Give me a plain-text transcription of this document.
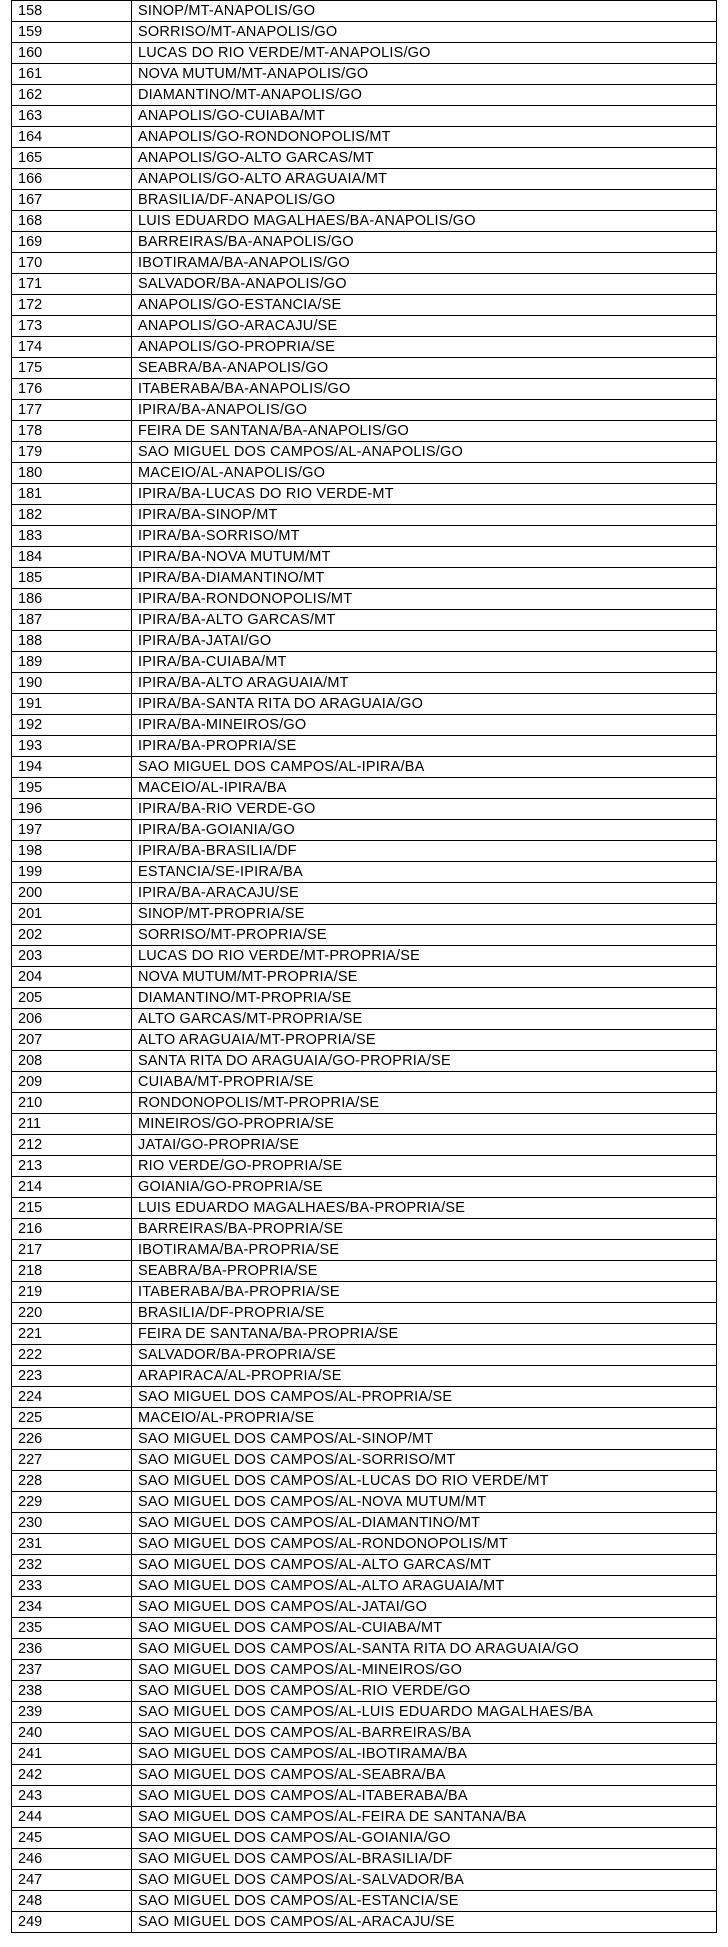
158	SINOP/MT-ANAPOLIS/GO
159	SORRISO/MT-ANAPOLIS/GO
160	LUCAS DO RIO VERDE/MT-ANAPOLIS/GO
161	NOVA MUTUM/MT-ANAPOLIS/GO
162	DIAMANTINO/MT-ANAPOLIS/GO
163	ANAPOLIS/GO-CUIABA/MT
164	ANAPOLIS/GO-RONDONOPOLIS/MT
165	ANAPOLIS/GO-ALTO GARCAS/MT
166	ANAPOLIS/GO-ALTO ARAGUAIA/MT
167	BRASILIA/DF-ANAPOLIS/GO
168	LUIS EDUARDO MAGALHAES/BA-ANAPOLIS/GO
169	BARREIRAS/BA-ANAPOLIS/GO
170	IBOTIRAMA/BA-ANAPOLIS/GO
171	SALVADOR/BA-ANAPOLIS/GO
172	ANAPOLIS/GO-ESTANCIA/SE
173	ANAPOLIS/GO-ARACAJU/SE
174	ANAPOLIS/GO-PROPRIA/SE
175	SEABRA/BA-ANAPOLIS/GO
176	ITABERABA/BA-ANAPOLIS/GO
177	IPIRA/BA-ANAPOLIS/GO
178	FEIRA DE SANTANA/BA-ANAPOLIS/GO
179	SAO MIGUEL DOS CAMPOS/AL-ANAPOLIS/GO
180	MACEIO/AL-ANAPOLIS/GO
181	IPIRA/BA-LUCAS DO RIO VERDE-MT
182	IPIRA/BA-SINOP/MT
183	IPIRA/BA-SORRISO/MT
184	IPIRA/BA-NOVA MUTUM/MT
185	IPIRA/BA-DIAMANTINO/MT
186	IPIRA/BA-RONDONOPOLIS/MT
187	IPIRA/BA-ALTO GARCAS/MT
188	IPIRA/BA-JATAI/GO
189	IPIRA/BA-CUIABA/MT
190	IPIRA/BA-ALTO ARAGUAIA/MT
191	IPIRA/BA-SANTA RITA DO ARAGUAIA/GO
192	IPIRA/BA-MINEIROS/GO
193	IPIRA/BA-PROPRIA/SE
194	SAO MIGUEL DOS CAMPOS/AL-IPIRA/BA
195	MACEIO/AL-IPIRA/BA
196	IPIRA/BA-RIO VERDE-GO
197	IPIRA/BA-GOIANIA/GO
198	IPIRA/BA-BRASILIA/DF
199	ESTANCIA/SE-IPIRA/BA
200	IPIRA/BA-ARACAJU/SE
201	SINOP/MT-PROPRIA/SE
202	SORRISO/MT-PROPRIA/SE
203	LUCAS DO RIO VERDE/MT-PROPRIA/SE
204	NOVA MUTUM/MT-PROPRIA/SE
205	DIAMANTINO/MT-PROPRIA/SE
206	ALTO GARCAS/MT-PROPRIA/SE
207	ALTO ARAGUAIA/MT-PROPRIA/SE
208	SANTA RITA DO ARAGUAIA/GO-PROPRIA/SE
209	CUIABA/MT-PROPRIA/SE
210	RONDONOPOLIS/MT-PROPRIA/SE
211	MINEIROS/GO-PROPRIA/SE
212	JATAI/GO-PROPRIA/SE
213	RIO VERDE/GO-PROPRIA/SE
214	GOIANIA/GO-PROPRIA/SE
215	LUIS EDUARDO MAGALHAES/BA-PROPRIA/SE
216	BARREIRAS/BA-PROPRIA/SE
217	IBOTIRAMA/BA-PROPRIA/SE
218	SEABRA/BA-PROPRIA/SE
219	ITABERABA/BA-PROPRIA/SE
220	BRASILIA/DF-PROPRIA/SE
221	FEIRA DE SANTANA/BA-PROPRIA/SE
222	SALVADOR/BA-PROPRIA/SE
223	ARAPIRACA/AL-PROPRIA/SE
224	SAO MIGUEL DOS CAMPOS/AL-PROPRIA/SE
225	MACEIO/AL-PROPRIA/SE
226	SAO MIGUEL DOS CAMPOS/AL-SINOP/MT
227	SAO MIGUEL DOS CAMPOS/AL-SORRISO/MT
228	SAO MIGUEL DOS CAMPOS/AL-LUCAS DO RIO VERDE/MT
229	SAO MIGUEL DOS CAMPOS/AL-NOVA MUTUM/MT
230	SAO MIGUEL DOS CAMPOS/AL-DIAMANTINO/MT
231	SAO MIGUEL DOS CAMPOS/AL-RONDONOPOLIS/MT
232	SAO MIGUEL DOS CAMPOS/AL-ALTO GARCAS/MT
233	SAO MIGUEL DOS CAMPOS/AL-ALTO ARAGUAIA/MT
234	SAO MIGUEL DOS CAMPOS/AL-JATAI/GO
235	SAO MIGUEL DOS CAMPOS/AL-CUIABA/MT
236	SAO MIGUEL DOS CAMPOS/AL-SANTA RITA DO ARAGUAIA/GO
237	SAO MIGUEL DOS CAMPOS/AL-MINEIROS/GO
238	SAO MIGUEL DOS CAMPOS/AL-RIO VERDE/GO
239	SAO MIGUEL DOS CAMPOS/AL-LUIS EDUARDO MAGALHAES/BA
240	SAO MIGUEL DOS CAMPOS/AL-BARREIRAS/BA
241	SAO MIGUEL DOS CAMPOS/AL-IBOTIRAMA/BA
242	SAO MIGUEL DOS CAMPOS/AL-SEABRA/BA
243	SAO MIGUEL DOS CAMPOS/AL-ITABERABA/BA
244	SAO MIGUEL DOS CAMPOS/AL-FEIRA DE SANTANA/BA
245	SAO MIGUEL DOS CAMPOS/AL-GOIANIA/GO
246	SAO MIGUEL DOS CAMPOS/AL-BRASILIA/DF
247	SAO MIGUEL DOS CAMPOS/AL-SALVADOR/BA
248	SAO MIGUEL DOS CAMPOS/AL-ESTANCIA/SE
249	SAO MIGUEL DOS CAMPOS/AL-ARACAJU/SE
